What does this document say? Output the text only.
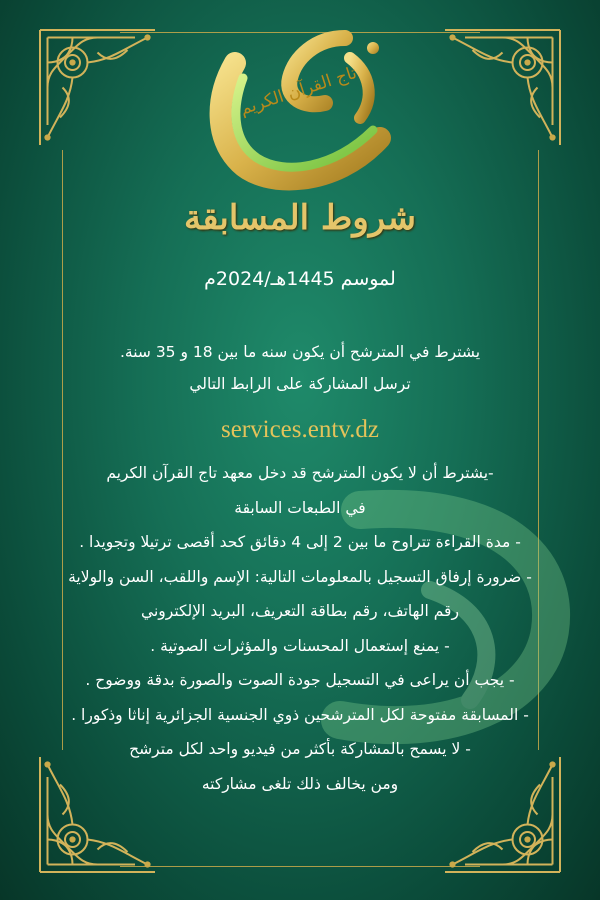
تاج القرآن الكريم
شروط المسابقة
لموسم 1445هـ/2024م
يشترط في المترشح أن يكون سنه ما بين 18 و 35 سنة.
ترسل المشاركة على الرابط التالي
services.entv.dz
-يشترط أن لا يكون المترشح قد دخل معهد تاج القرآن الكريم
في الطبعات السابقة
- مدة القراءة تتراوح ما بين 2 إلى 4 دقائق كحد أقصى ترتيلا وتجويدا .
- ضرورة إرفاق التسجيل بالمعلومات التالية: الإسم واللقب، السن والولاية
رقم الهاتف، رقم بطاقة التعريف، البريد الإلكتروني
- يمنع إستعمال المحسنات والمؤثرات الصوتية .
- يجب أن يراعى في التسجيل جودة الصوت والصورة بدقة ووضوح .
- المسابقة مفتوحة لكل المترشحين ذوي الجنسية الجزائرية إناثا وذكورا .
- لا يسمح بالمشاركة بأكثر من فيديو واحد لكل مترشح
ومن يخالف ذلك تلغى مشاركته
